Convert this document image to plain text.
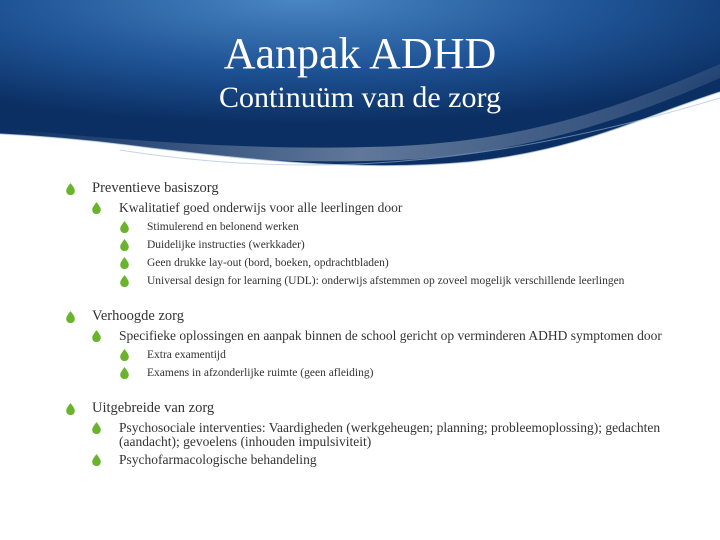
Aanpak ADHD
Continuüm van de zorg
Preventieve basiszorg
Kwalitatief goed onderwijs voor alle leerlingen door
Stimulerend en belonend werken
Duidelijke instructies (werkkader)
Geen drukke lay-out (bord, boeken, opdrachtbladen)
Universal design for learning (UDL): onderwijs afstemmen op zoveel mogelijk verschillende leerlingen
Verhoogde zorg
Specifieke oplossingen en aanpak binnen de school gericht op verminderen ADHD symptomen door
Extra examentijd
Examens in afzonderlijke ruimte (geen afleiding)
Uitgebreide van zorg
Psychosociale interventies: Vaardigheden (werkgeheugen; planning; probleemoplossing); gedachten (aandacht); gevoelens (inhouden impulsiviteit)
Psychofarmacologische behandeling
